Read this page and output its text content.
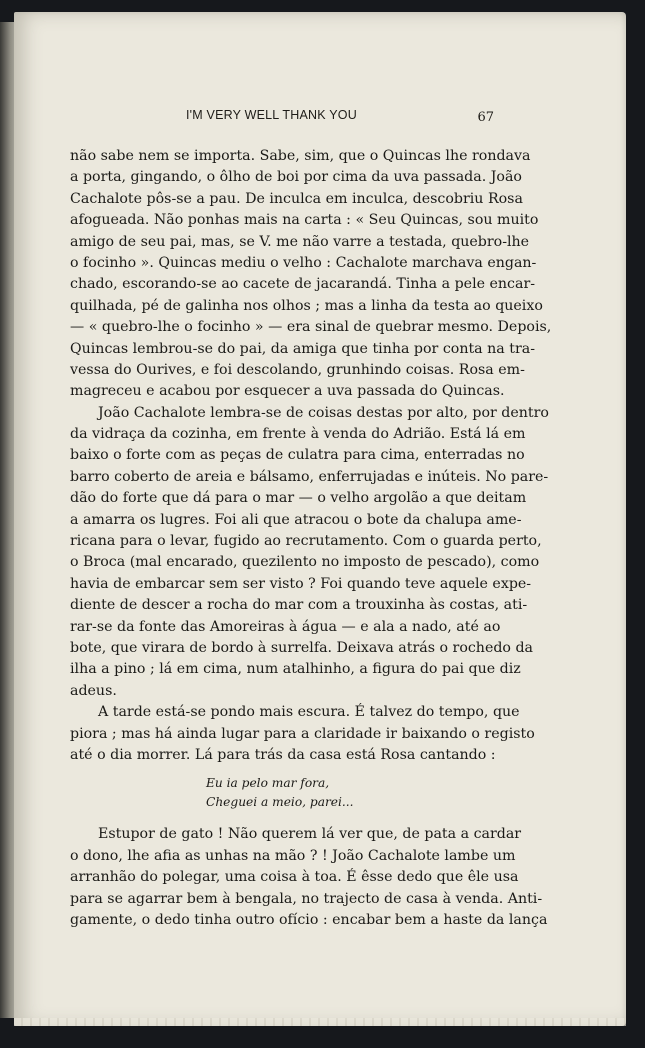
I'M VERY WELL THANK YOU	67
não sabe nem se importa. Sabe, sim, que o Quincas lhe rondava
a porta, gingando, o ôlho de boi por cima da uva passada. João
Cachalote pôs-se a pau. De inculca em inculca, descobriu Rosa
afogueada. Não ponhas mais na carta : « Seu Quincas, sou muito
amigo de seu pai, mas, se V. me não varre a testada, quebro-lhe
o focinho ». Quincas mediu o velho : Cachalote marchava engan-
chado, escorando-se ao cacete de jacarandá. Tinha a pele encar-
quilhada, pé de galinha nos olhos ; mas a linha da testa ao queixo
— « quebro-lhe o focinho » — era sinal de quebrar mesmo. Depois,
Quincas lembrou-se do pai, da amiga que tinha por conta na tra-
vessa do Ourives, e foi descolando, grunhindo coisas. Rosa em-
magreceu e acabou por esquecer a uva passada do Quincas.
João Cachalote lembra-se de coisas destas por alto, por dentro
da vidraça da cozinha, em frente à venda do Adrião. Está lá em
baixo o forte com as peças de culatra para cima, enterradas no
barro coberto de areia e bálsamo, enferrujadas e inúteis. No pare-
dão do forte que dá para o mar — o velho argolão a que deitam
a amarra os lugres. Foi ali que atracou o bote da chalupa ame-
ricana para o levar, fugido ao recrutamento. Com o guarda perto,
o Broca (mal encarado, quezilento no imposto de pescado), como
havia de embarcar sem ser visto ? Foi quando teve aquele expe-
diente de descer a rocha do mar com a trouxinha às costas, ati-
rar-se da fonte das Amoreiras à água — e ala a nado, até ao
bote, que virara de bordo à surrelfa. Deixava atrás o rochedo da
ilha a pino ; lá em cima, num atalhinho, a figura do pai que diz
adeus.
A tarde está-se pondo mais escura. É talvez do tempo, que
piora ; mas há ainda lugar para a claridade ir baixando o registo
até o dia morrer. Lá para trás da casa está Rosa cantando :
Eu ia pelo mar fora,
Cheguei a meio, parei...
Estupor de gato ! Não querem lá ver que, de pata a cardar
o dono, lhe afia as unhas na mão ? ! João Cachalote lambe um
arranhão do polegar, uma coisa à toa. É êsse dedo que êle usa
para se agarrar bem à bengala, no trajecto de casa à venda. Anti-
gamente, o dedo tinha outro ofício : encabar bem a haste da lança
